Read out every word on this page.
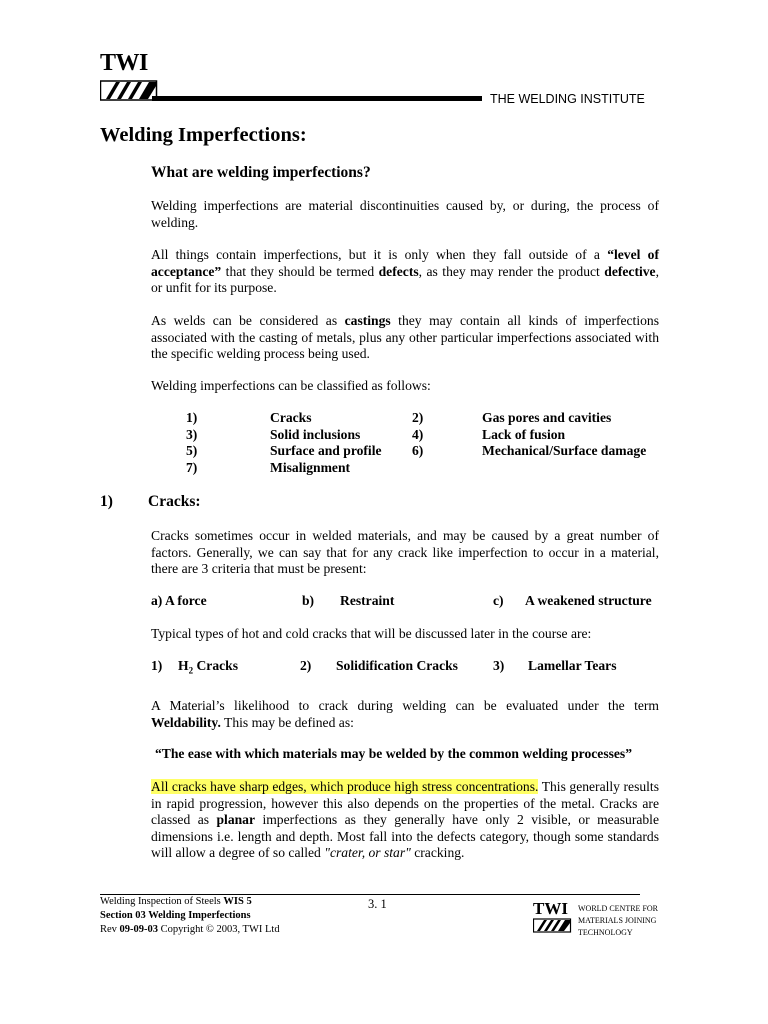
TWI
THE WELDING INSTITUTE
Welding Imperfections:
What are welding imperfections?
Welding imperfections are material discontinuities caused by, or during, the process of welding.
All things contain imperfections, but it is only when they fall outside of a “level of acceptance” that they should be termed defects, as they may render the product defective, or unfit for its purpose.
As welds can be considered as castings they may contain all kinds of imperfections associated with the casting of metals, plus any other particular imperfections associated with the specific welding process being used.
Welding imperfections can be classified as follows:
1)	Cracks	2)	Gas pores and cavities
3)	Solid inclusions	4)	Lack of fusion
5)	Surface and profile	6)	Mechanical/Surface damage
7)	Misalignment
1) Cracks:
Cracks sometimes occur in welded materials, and may be caused by a great number of factors. Generally, we can say that for any crack like imperfection to occur in a material, there are 3 criteria that must be present:
a) A force	b) Restraint	c) A weakened structure
Typical types of hot and cold cracks that will be discussed later in the course are:
1) $H_2$ Cracks	2) Solidification Cracks	3) Lamellar Tears
A Material’s likelihood to crack during welding can be evaluated under the term Weldability. This may be defined as:
“The ease with which materials may be welded by the common welding processes”
All cracks have sharp edges, which produce high stress concentrations. This generally results in rapid progression, however this also depends on the properties of the metal. Cracks are classed as planar imperfections as they generally have only 2 visible, or measurable dimensions i.e. length and depth. Most fall into the defects category, though some standards will allow a degree of so called "crater, or star" cracking.
Welding Inspection of Steels WIS 5
Section 03 Welding Imperfections
Rev 09-09-03 Copyright © 2003, TWI Ltd
3. 1	TWI WORLD CENTRE FOR
MATERIALS JOINING
TECHNOLOGY
